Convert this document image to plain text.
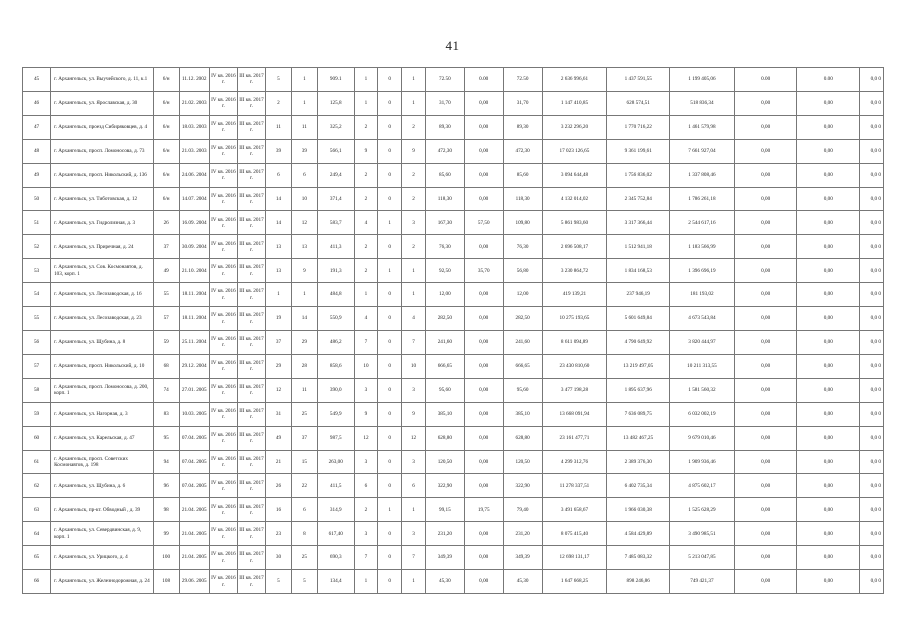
41
45	г. Архангельск, ул. Выучейского, д. 11, к.1	6/н	11.12. 2002	IV кв. 2016 г.	III кв. 2017 г.	5	1	909.1	1	0	1	72.50	0.00	72.50	2 636 996,61	1 437 591,55	1 199 405,06	0.00	0.00	0,0 0
46	г. Архангельск, ул. Ярославская, д. 30	6/н	21.02. 2003	IV кв. 2016 г.	III кв. 2017 г.	2	1	125,8	1	0	1	31,70	0,00	31,70	1 147 410,85	628 574,51	518 836,34	0,00	0,00	0,0 0
47	г. Архангельск, проезд Сибиряковцев, д. 4	6/н	18.03. 2003	IV кв. 2016 г.	III кв. 2017 г.	11	11	325,2	2	0	2	89,30	0,00	89,30	3 232 296,20	1 770 716,22	1 461 579,98	0,00	0,00	0,0 0
48	г. Архангельск, просп. Ломоносова, д. 73	6/н	21.03. 2003	IV кв. 2016 г.	III кв. 2017 г.	39	39	566,1	9	0	9	472,30	0,00	472,30	17 023 126,65	9 361 199,61	7 661 927,04	0,00	0,00	0,0 0
49	г. Архангельск, просп. Никольский, д. 136	6/н	24.06. 2004	IV кв. 2016 г.	III кв. 2017 г.	6	6	249,4	2	0	2	85,60	0,00	85,60	3 094 644,48	1 756 836,02	1 337 808,46	0,00	0,00	0,0 0
50	г. Архангельск, ул. Тиботовская, д. 12	6/н	14.07. 2004	IV кв. 2016 г.	III кв. 2017 г.	14	10	371,4	2	0	2	118,30	0,00	118,30	4 132 014,02	2 345 752,84	1 786 261,18	0,00	0,00	0,0 0
51	г. Архангельск, ул. Гидролизная, д. 3	26	16.09. 2004	IV кв. 2016 г.	III кв. 2017 г.	14	12	583,7	4	1	3	167,30	57,50	109,80	5 861 983,60	3 317 366,44	2 544 617,16	0,00	0,00	0,0 0
52	г. Архангельск, ул. Приречная, д. 24	37	30.09. 2004	IV кв. 2016 г.	III кв. 2017 г.	13	13	411,3	2	0	2	76,30	0,00	76,30	2 696 508,17	1 512 941,18	1 183 566,99	0,00	0,00	0,0 0
53	г. Архангельск, ул. Сов. Космонавтов, д. 103, корп. 1	49	21.10. 2004	IV кв. 2016 г.	III кв. 2017 г.	13	9	191,3	2	1	1	92,50	35,70	56,80	3 230 864,72	1 834 168,53	1 396 696,19	0,00	0,00	0,0 0
54	г. Архангельск, ул. Лесозаводская, д. 16	55	18.11. 2004	IV кв. 2016 г.	III кв. 2017 г.	1	1	484,8	1	0	1	12,00	0,00	12,00	419 139,21	237 946,19	181 193,02	0,00	0,00	0,0 0
55	г. Архангельск, ул. Лесозаводская, д. 23	57	18.11. 2004	IV кв. 2016 г.	III кв. 2017 г.	19	14	550,9	4	0	4	282,50	0,00	282,50	10 275 193,65	5 601 649,84	4 673 543,84	0,00	0,00	0,0 0
56	г. Архангельск, ул. Щубина, д. 8	59	25.11. 2004	IV кв. 2016 г.	III кв. 2017 г.	37	29	486,2	7	0	7	241,60	0,00	241,60	8 611 094,89	4 790 649,92	3 820 444,97	0,00	0,00	0,0 0
57	г. Архангельск, просп. Никольский, д. 10	68	29.12. 2004	IV кв. 2016 г.	III кв. 2017 г.	29	28	858,6	10	0	10	666,65	0,00	666,65	23 430 810,60	13 219 497,05	10 211 313,55	0,00	0,00	0,0 0
58	г. Архангельск, просп. Ломоносова, д. 200, корп. 1	74	27.01. 2005	IV кв. 2016 г.	III кв. 2017 г.	12	11	390,0	3	0	3	95,60	0,00	95,60	3 477 198,28	1 895 637,96	1 581 560,32	0,00	0,00	0,0 0
59	г. Архангельск, ул. Нагорная, д. 3	83	10.03. 2005	IV кв. 2016 г.	III кв. 2017 г.	31	25	549,9	9	0	9	385,10	0,00	385,10	13 668 091,94	7 636 089,75	6 032 002,19	0,00	0,00	0,0 0
60	г. Архангельск, ул. Карельская, д. 47	95	07.04. 2005	IV кв. 2016 г.	III кв. 2017 г.	49	37	987,5	12	0	12	628,80	0,00	628,80	23 161 477,71	13 482 467,25	9 679 010,46	0,00	0,00	0,0 0
61	г. Архангельск, просп. Советских Космонавтов, д. 198	94	07.04. 2005	IV кв. 2016 г.	III кв. 2017 г.	21	15	263,00	3	0	3	120,50	0,00	120,50	4 299 312,76	2 389 376,30	1 909 936,46	0,00	0,00	0,0 0
62	г. Архангельск, ул. Щубина, д. 6	96	07.04. 2005	IV кв. 2016 г.	III кв. 2017 г.	26	22	411,5	6	0	6	322,90	0,00	322,90	11 278 337,51	6 402 735,34	4 875 602,17	0,00	0,00	0,0 0
63	г. Архангельск, пр-кт. Обводный , д. 39	98	21.04. 2005	IV кв. 2016 г.	III кв. 2017 г.	16	6	314,9	2	1	1	99,15	19,75	79,40	3 491 658,67	1 966 030,38	1 525 628,29	0,00	0,00	0,0 0
64	г. Архангельск, ул. Севердвинская, д. 9, корп. 1	99	21.04. 2005	IV кв. 2016 г.	III кв. 2017 г.	23	8	617,40	3	0	3	231,20	0,00	231,20	8 075 415,40	4 584 429,89	3 490 985,51	0,00	0,00	0,0 0
65	г. Архангельск, ул. Урицкого, д. 4	100	21.04. 2005	IV кв. 2016 г.	III кв. 2017 г.	30	25	690,3	7	0	7	349,39	0,00	349,39	12 698 131,17	7 485 083,32	5 213 047,85	0,00	0,00	0,0 0
66	г. Архангельск, ул. Железнодорожная, д. 24	108	29.06. 2005	IV кв. 2016 г.	III кв. 2017 г.	5	5	134,4	1	0	1	45,30	0,00	45,30	1 647 668,25	898 246,86	749 421,37	0,00	0,00	0,0 0
